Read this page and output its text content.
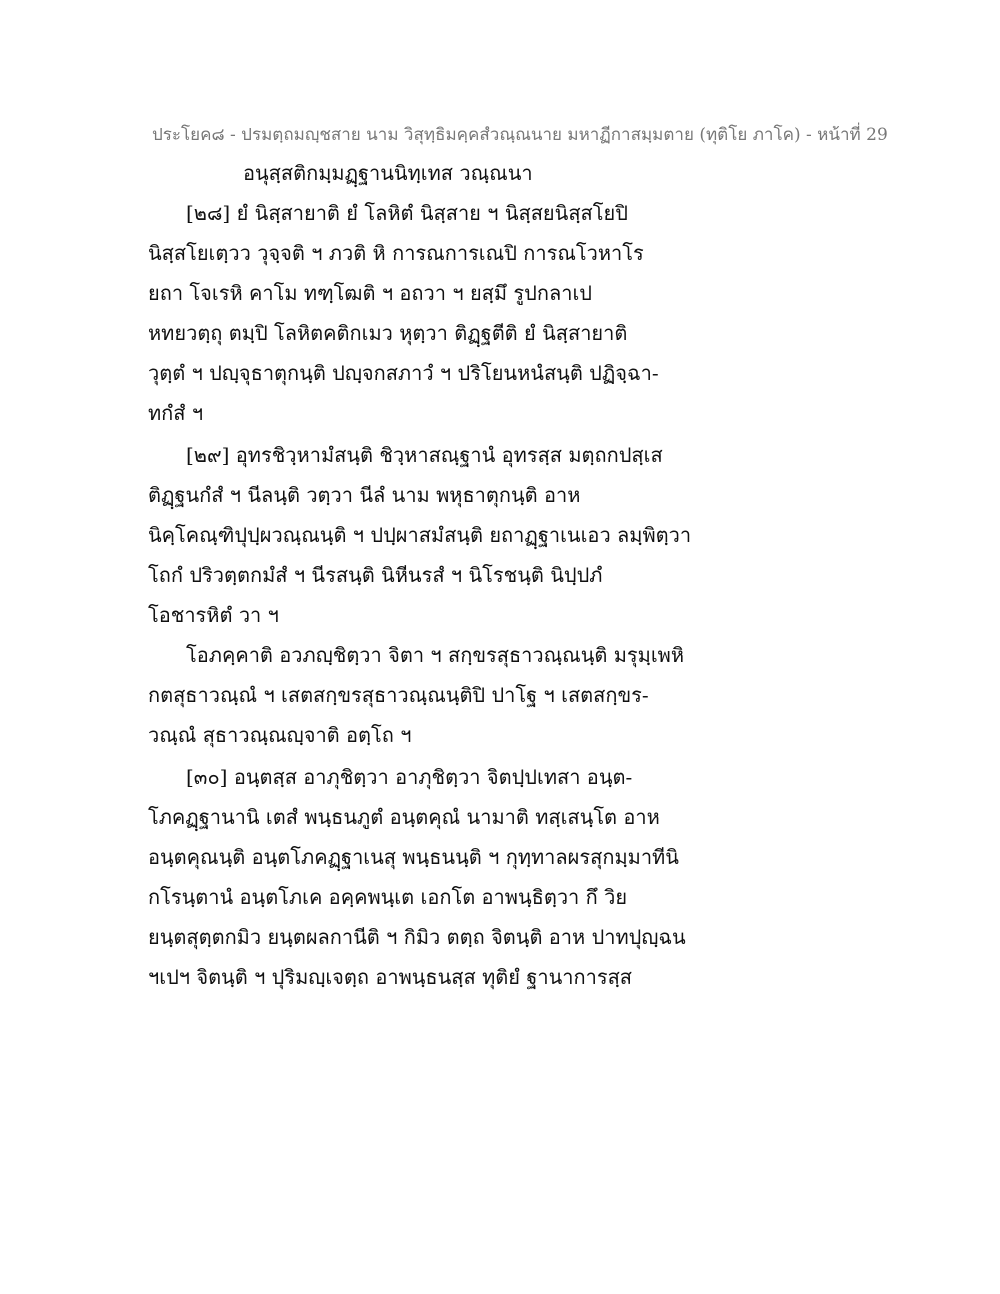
ประโยค๘ - ปรมตฺถมญฺชสาย นาม วิสุทฺธิมคฺคสํวณฺณนาย มหาฏีกาสมฺมตาย (ทุติโย ภาโค) - หน้าที่ 29
อนุสฺสติกมฺมฏฺฐานนิทฺเทส วณฺณนา
[๒๘] ยํ นิสฺสายาติ ยํ โลหิตํ นิสฺสาย ฯ นิสฺสยนิสฺสโยปิ
นิสฺสโยเตฺวว วุจฺจติ ฯ ภวติ หิ การณการเณปิ การณโวหาโร
ยถา โจเรหิ คาโม ทฑฺโฒติ ฯ อถวา ฯ ยสฺมึ รูปกลาเป
หทยวตฺถุ ตมฺปิ โลหิตคติกเมว หุตฺวา ติฏฺฐตีติ ยํ นิสฺสายาติ
วุตฺตํ ฯ ปญฺจุธาตุกนฺติ ปญฺจกสภาวํ ฯ ปริโยนหนํสนฺติ ปฏิจฺฉา-
ทกํสํ ฯ
[๒๙] อุทรชิวฺหามํสนฺติ ชิวฺหาสณฺฐานํ อุทรสฺส มตฺถกปสฺเส
ติฏฺฐนกํสํ ฯ นีลนฺติ วตฺวา นีลํ นาม พหุธาตุกนฺติ อาห
นิคฺโคณฺฑิปุปฺผวณฺณนฺติ ฯ ปปฺผาสมํสนฺติ ยถาฏฺฐาเนเอว ลมฺพิตฺวา
โถกํ ปริวตฺตกมํสํ ฯ นีรสนฺติ นิหีนรสํ ฯ นิโรชนฺติ นิปฺปภํ
โอชารหิตํ วา ฯ
โอภคฺคาติ อวภญฺชิตฺวา จิตา ฯ สกฺขรสุธาวณฺณนฺติ มรุมฺเพหิ
กตสุธาวณฺณํ ฯ เสตสกฺขรสุธาวณฺณนฺติปิ ปาโฐ ฯ เสตสกฺขร-
วณฺณํ สุธาวณฺณญฺจาติ อตฺโถ ฯ
[๓๐] อนฺตสฺส อาภุชิตฺวา อาภุชิตฺวา จิตปฺปเทสา อนฺต-
โภคฏฺฐานานิ เตสํ พนฺธนภูตํ อนฺตคุณํ นามาติ ทสฺเสนฺโต อาห
อนฺตคุณนฺติ อนฺตโภคฏฺฐาเนสุ พนฺธนนฺติ ฯ กุทฺทาลผรสุกมฺมาทีนิ
กโรนฺตานํ อนฺตโภเค อคฺคพนฺเต เอกโต อาพนฺธิตฺวา กึ วิย
ยนฺตสุตฺตกมิว ยนฺตผลกานีติ ฯ กิมิว ตตฺถ จิตนฺติ อาห ปาทปุญฺฉน
ฯเปฯ จิตนฺติ ฯ ปุริมญฺเจตฺถ อาพนฺธนสฺส ทุติยํ ฐานาการสฺส
